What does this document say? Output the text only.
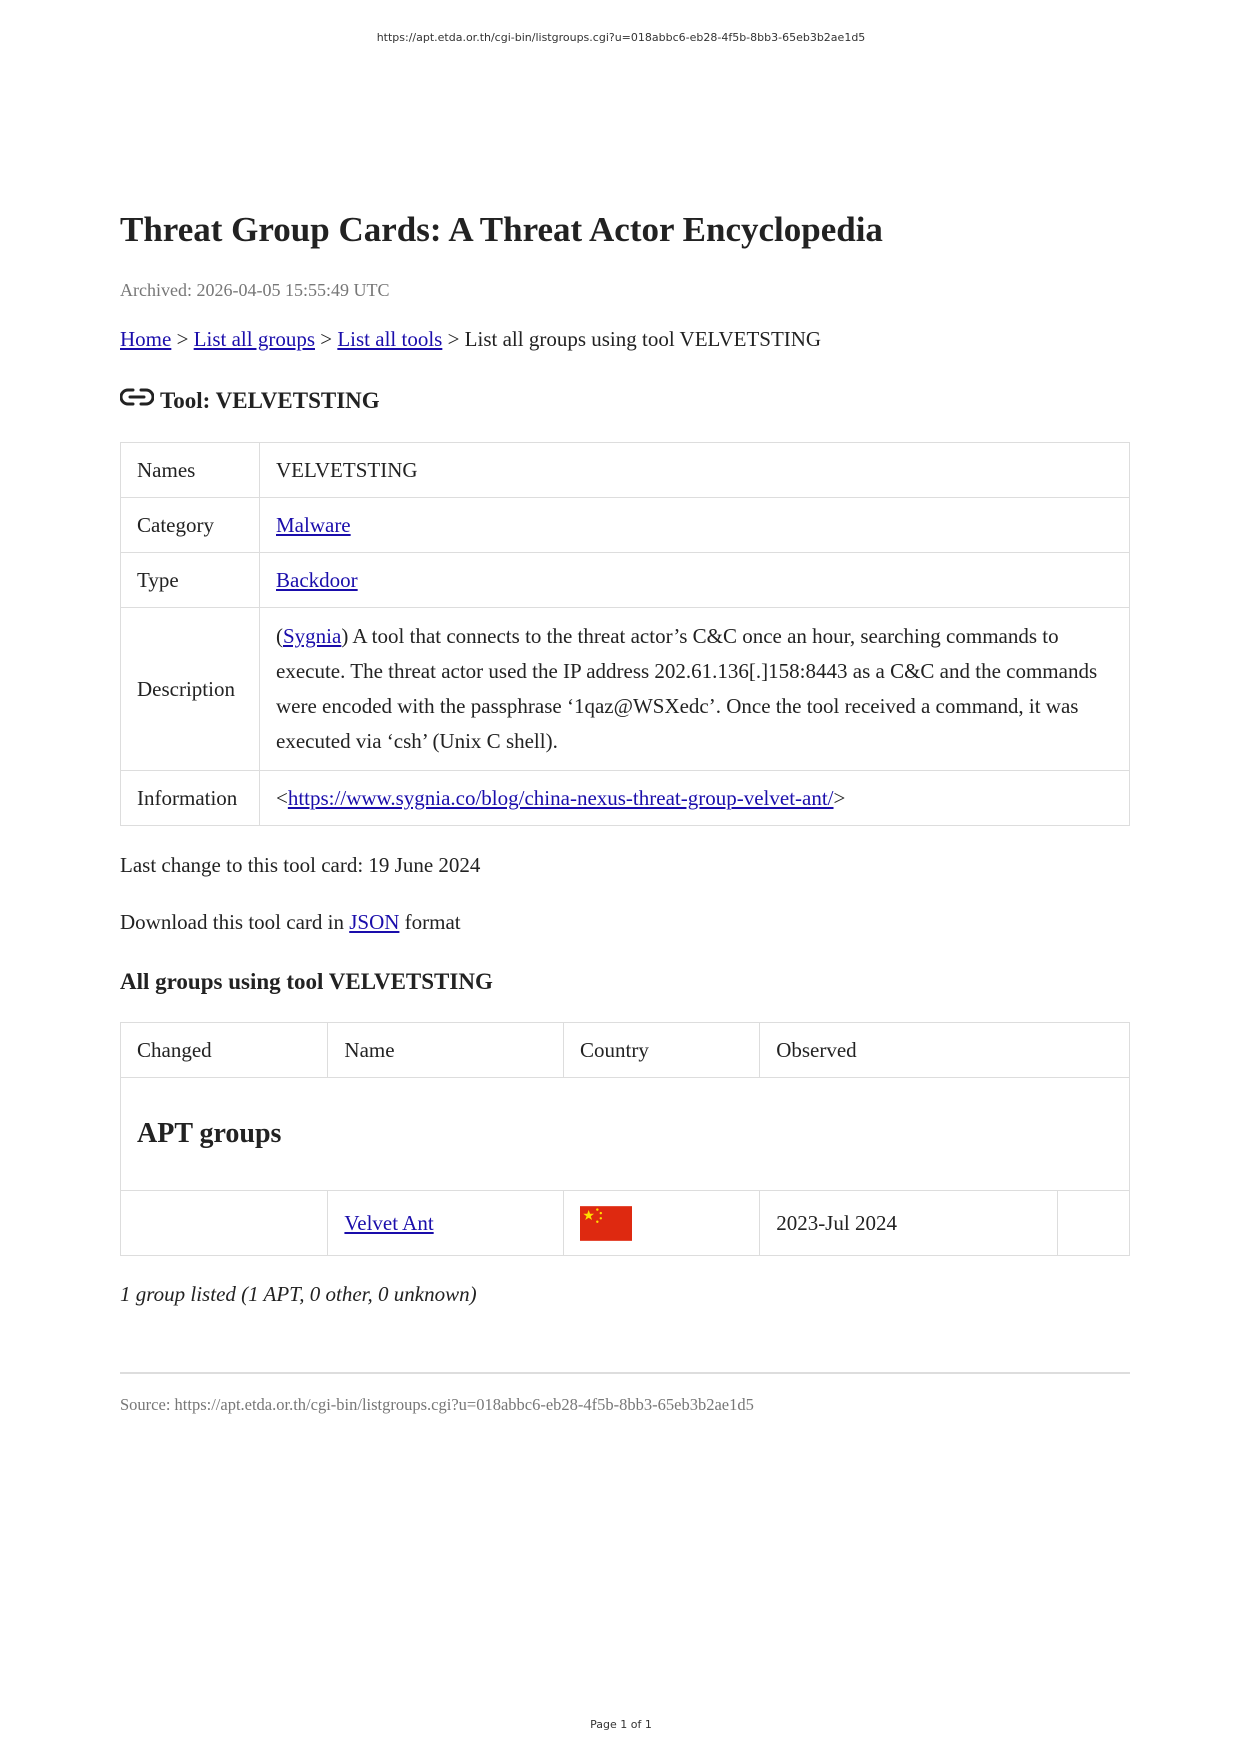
https://apt.etda.or.th/cgi-bin/listgroups.cgi?u=018abbc6-eb28-4f5b-8bb3-65eb3b2ae1d5
Threat Group Cards: A Threat Actor Encyclopedia
Archived: 2026-04-05 15:55:49 UTC
Home > List all groups > List all tools > List all groups using tool VELVETSTING
Tool: VELVETSTING
Names	VELVETSTING
Category	Malware
Type	Backdoor
Description	(Sygnia) A tool that connects to the threat actor’s C&C once an hour, searching commands to execute. The threat actor used the IP address 202.61.136[.]158:8443 as a C&C and the commands were encoded with the passphrase ‘1qaz@WSXedc’. Once the tool received a command, it was executed via ‘csh’ (Unix C shell).
Information	<https://www.sygnia.co/blog/china-nexus-threat-group-velvet-ant/>
Last change to this tool card: 19 June 2024
Download this tool card in JSON format
All groups using tool VELVETSTING
Changed	Name	Country	Observed	
APT groups				
	Velvet Ant		2023-Jul 2024	
1 group listed (1 APT, 0 other, 0 unknown)
Source: https://apt.etda.or.th/cgi-bin/listgroups.cgi?u=018abbc6-eb28-4f5b-8bb3-65eb3b2ae1d5
Page 1 of 1
